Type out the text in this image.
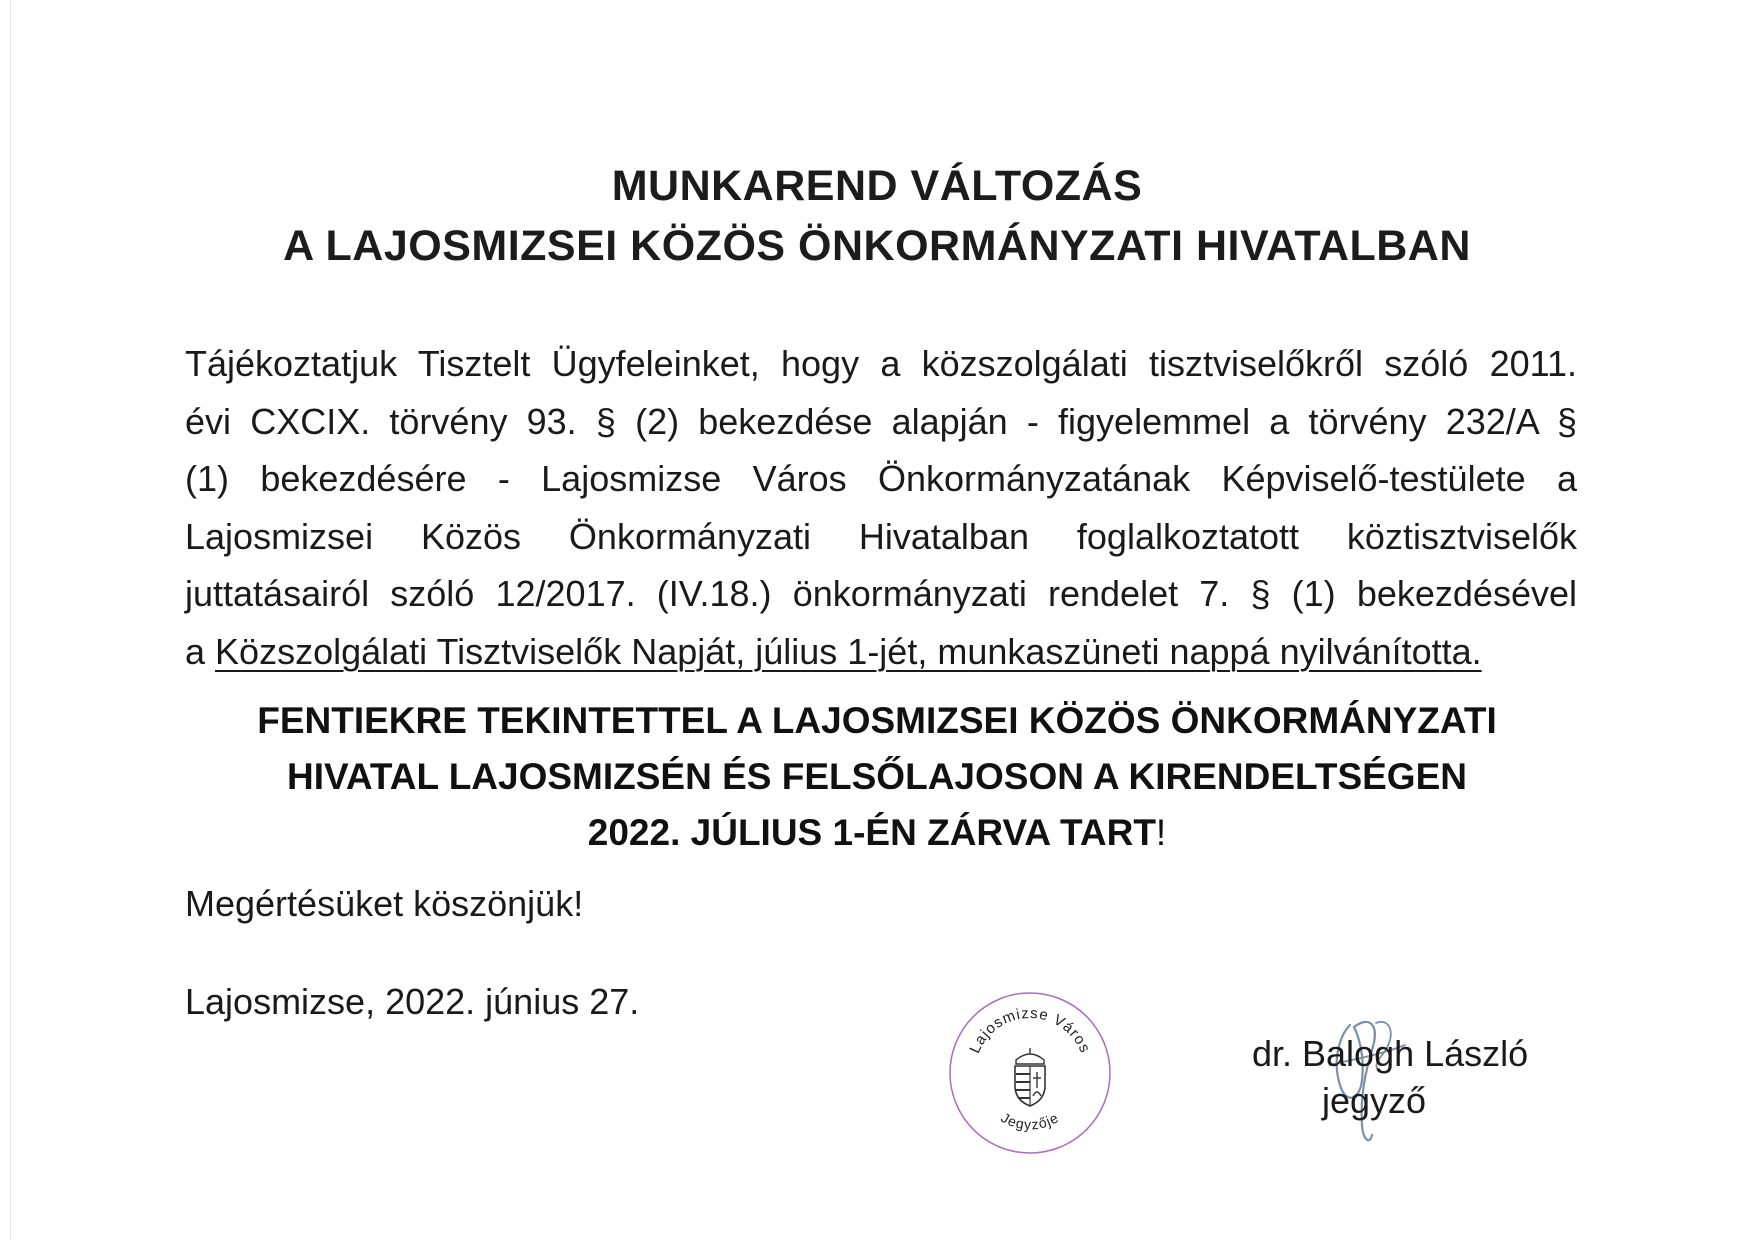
MUNKAREND VÁLTOZÁS
A LAJOSMIZSEI KÖZÖS ÖNKORMÁNYZATI HIVATALBAN
Tájékoztatjuk Tisztelt Ügyfeleinket, hogy a közszolgálati tisztviselőkről szóló 2011.
évi CXCIX. törvény 93. § (2) bekezdése alapján - figyelemmel a törvény 232/A §
(1) bekezdésére - Lajosmizse Város Önkormányzatának Képviselő-testülete a
Lajosmizsei Közös Önkormányzati Hivatalban foglalkoztatott köztisztviselők
juttatásairól szóló 12/2017. (IV.18.) önkormányzati rendelet 7. § (1) bekezdésével
a Közszolgálati Tisztviselők Napját, július 1-jét, munkaszüneti nappá nyilvánította.
FENTIEKRE TEKINTETTEL A LAJOSMIZSEI KÖZÖS ÖNKORMÁNYZATI
HIVATAL LAJOSMIZSÉN ÉS FELSŐLAJOSON A KIRENDELTSÉGEN
2022. JÚLIUS 1-ÉN ZÁRVA TART!
Megértésüket köszönjük!
Lajosmizse, 2022. június 27.
Lajosmizse Város
Jegyzője
dr. Balogh László
jegyző
